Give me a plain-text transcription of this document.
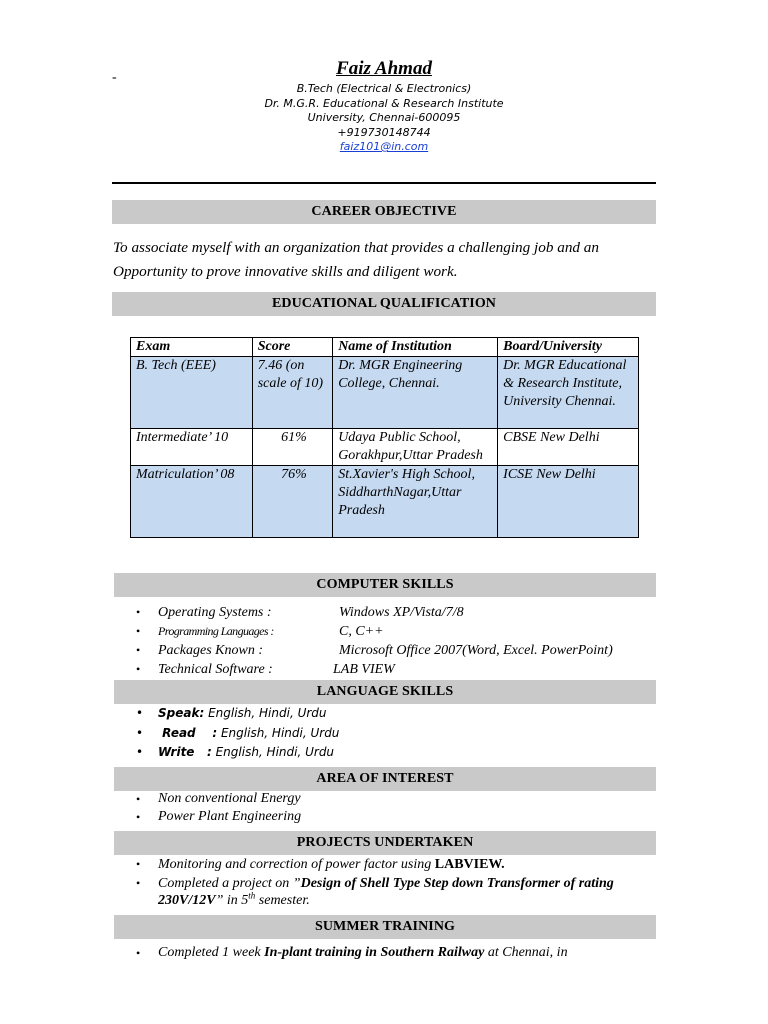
-	Faiz Ahmad
B.Tech (Electrical & Electronics)
Dr. M.G.R. Educational & Research Institute
University, Chennai-600095
+919730148744
faiz101@in.com
CAREER OBJECTIVE
To associate myself with an organization that provides a challenging job and an Opportunity to prove innovative skills and diligent work.
EDUCATIONAL QUALIFICATION
Exam	Score	Name of Institution	Board/University
B. Tech (EEE)	7.46 (on scale of 10)	Dr. MGR Engineering College, Chennai.	Dr. MGR Educational & Research Institute, University Chennai.
Intermediate’ 10	61%	Udaya Public School, Gorakhpur,Uttar Pradesh	CBSE New Delhi
Matriculation’ 08	76%	St.Xavier's High School, SiddharthNagar,Uttar Pradesh	ICSE New Delhi
COMPUTER SKILLS
• Operating Systems :	Windows XP/Vista/7/8
• Programming Languages :	C, C++
• Packages Known :	Microsoft Office 2007(Word, Excel. PowerPoint)
• Technical Software :	LAB VIEW
LANGUAGE SKILLS
• Speak: English, Hindi, Urdu
• Read    : English, Hindi, Urdu
• Write   : English, Hindi, Urdu
AREA OF INTEREST
• Non conventional Energy
• Power Plant Engineering
PROJECTS UNDERTAKEN
• Monitoring and correction of power factor using LABVIEW.
• Completed a project on ”Design of Shell Type Step down Transformer of rating 230V/12V” in 5th semester.
SUMMER TRAINING
• Completed 1 week In-plant training in Southern Railway at Chennai, in
